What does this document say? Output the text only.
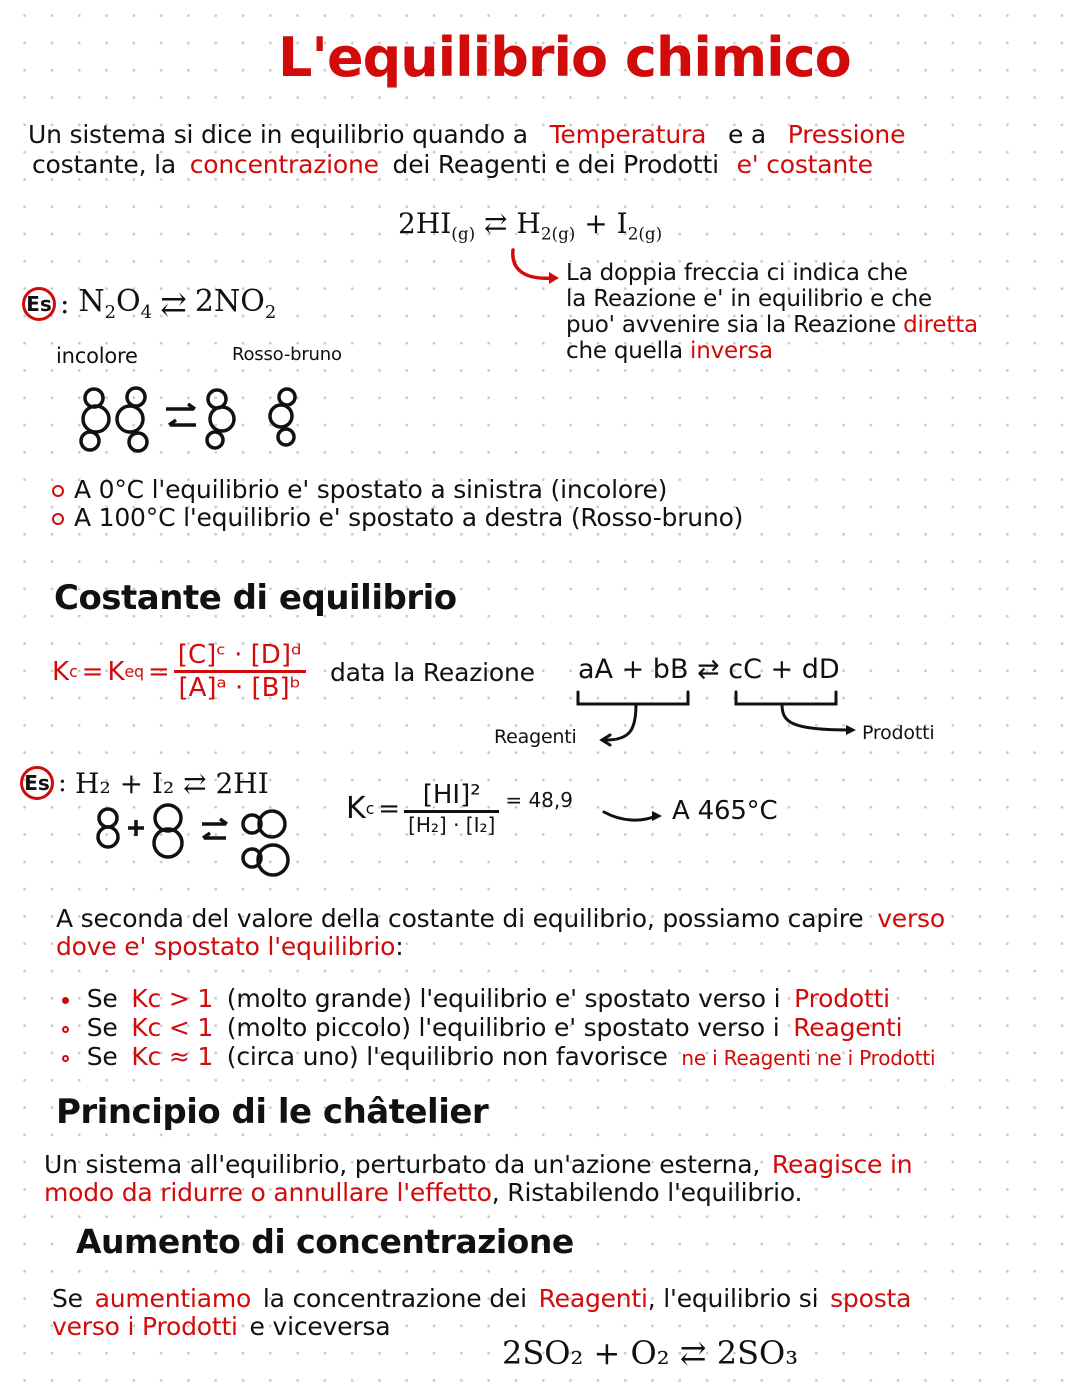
L'equilibrio chimico
Un sistema si dice in equilibrio quando a Temperatura e a Pressione
costante, la concentrazione dei Reagenti e dei Prodotti e' costante
$2HI_{(g)}$ ⇄ $H_{2(g)} + I_{2(g)}$
La doppia freccia ci indica che
la Reazione e' in equilibrio e che
puo' avvenire sia la Reazione diretta
che quella inversa
Es : $N_2O_4$ ⇄ $2NO_2$
incolore	Rosso-bruno
A 0°C l'equilibrio e' spostato a sinistra (incolore)
A 100°C l'equilibrio e' spostato a destra (Rosso-bruno)
Costante di equilibrio
K c = K eq = $\frac{\text{[C]ᶜ · [D]ᵈ}}{\text{[A]ᵃ · [B]ᵇ}}$ data la Reazione aA + bB ⇄ cC + dD
Reagenti	Prodotti
Es : H₂ + I₂ ⇄ 2HI
K $c = \frac{\text{[HI]²}}{\text{[H₂] · [I₂]}} = 48,9$	A 465°C
A seconda del valore della costante di equilibrio, possiamo capire verso
dove e' spostato l'equilibrio:
Se Kc > 1 (molto grande) l'equilibrio e' spostato verso i Prodotti
Se Kc < 1 (molto piccolo) l'equilibrio e' spostato verso i Reagenti
Se Kc ≈ 1 (circa uno) l'equilibrio non favorisce ne i Reagenti ne i Prodotti
Principio di le châtelier
Un sistema all'equilibrio, perturbato da un'azione esterna, Reagisce in
modo da ridurre o annullare l'effetto, Ristabilendo l'equilibrio.
Aumento di concentrazione
Se aumentiamo la concentrazione dei Reagenti, l'equilibrio si sposta
verso i Prodotti e viceversa
2SO₂ + O₂ ⇄ 2SO₃
